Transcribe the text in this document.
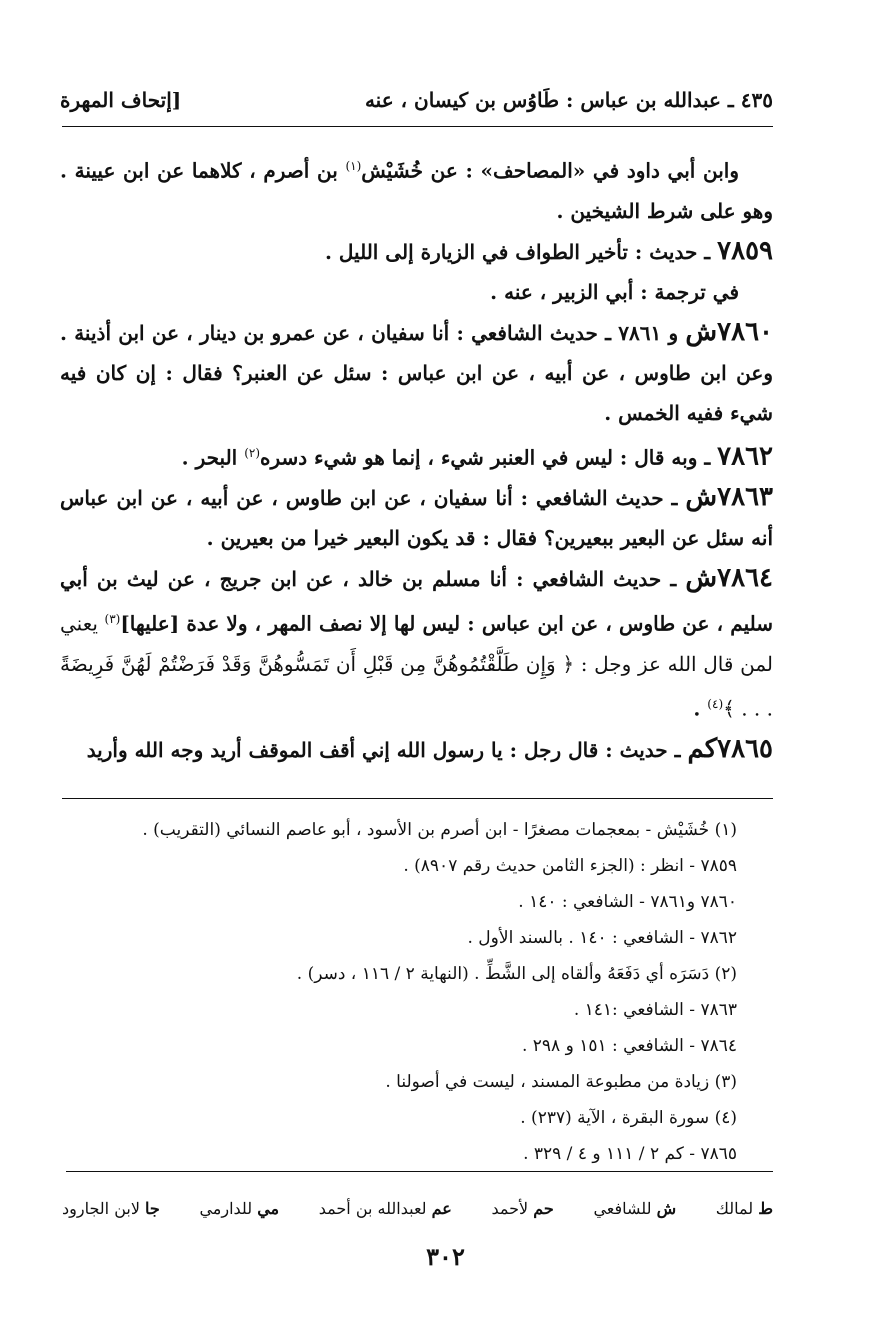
٤٣٥ ـ عبدالله بن عباس : طَاوُس بن كيسان ، عنه
[إتحاف المهرة

وابن أبي داود في «المصاحف» : عن خُشَيْش$^{(١)}$ بن أصرم ، كلاهما عن ابن عيينة . وهو على شرط الشيخين .

٧٨٥٩ ـ حديث : تأخير الطواف في الزيارة إلى الليل .

في ترجمة : أبي الزبير ، عنه .

٧٨٦٠ش و ٧٨٦١ ـ حديث الشافعي : أنا سفيان ، عن عمرو بن دينار ، عن ابن أذينة . وعن ابن طاوس ، عن أبيه ، عن ابن عباس : سئل عن العنبر؟ فقال : إن كان فيه شيء ففيه الخمس .

٧٨٦٢ ـ وبه قال : ليس في العنبر شيء ، إنما هو شيء دسره$^{(٢)}$ البحر .

٧٨٦٣ش ـ حديث الشافعي : أنا سفيان ، عن ابن طاوس ، عن أبيه ، عن ابن عباس أنه سئل عن البعير ببعيرين؟ فقال : قد يكون البعير خيرا من بعيرين .

٧٨٦٤ش ـ حديث الشافعي : أنا مسلم بن خالد ، عن ابن جريج ، عن ليث بن أبي سليم ، عن طاوس ، عن ابن عباس : ليس لها إلا نصف المهر ، ولا عدة [عليها]$^{(٣)}$ يعني لمن قال الله عز وجل : ﴿ وَإِن طَلَّقْتُمُوهُنَّ مِن قَبْلِ أَن تَمَسُّوهُنَّ وَقَدْ فَرَضْتُمْ لَهُنَّ فَرِيضَةً . . . ﴾$^{(٤)}$ .

٧٨٦٥كم ـ حديث : قال رجل : يا رسول الله إني أقف الموقف أريد وجه الله وأريد

(١) خُشَيْش - بمعجمات مصغرًا - ابن أصرم بن الأسود ، أبو عاصم النسائي (التقريب) .

٧٨٥٩ - انظر : (الجزء الثامن حديث رقم ٨٩٠٧) .

٧٨٦٠ و٧٨٦١ - الشافعي : ١٤٠ .

٧٨٦٢ - الشافعي : ١٤٠ . بالسند الأول .

(٢) دَسَرَه أي دَفَعَهُ وألقاه إلى الشَّطِّ . (النهاية ٢ / ١١٦ ، دسر) .

٧٨٦٣ - الشافعي :١٤١ .

٧٨٦٤ - الشافعي : ١٥١ و ٢٩٨ .

(٣) زيادة من مطبوعة المسند ، ليست في أصولنا .

(٤) سورة البقرة ، الآية (٢٣٧) .

٧٨٦٥ - كم ٢ / ١١١ و ٤ / ٣٢٩ .

ط لمالك
ش للشافعي
حم لأحمد
عم لعبدالله بن أحمد
مي للدارمي
جا لابن الجارود
٣٠٢
